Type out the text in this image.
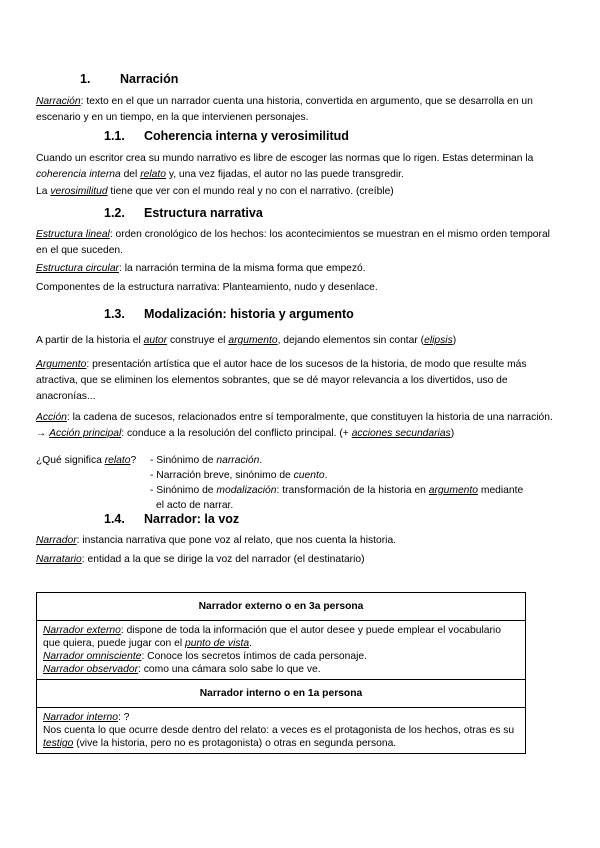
1. Narración
Narración: texto en el que un narrador cuenta una historia, convertida en argumento, que se desarrolla en un escenario y en un tiempo, en la que intervienen personajes.
1.1. Coherencia interna y verosimilitud
Cuando un escritor crea su mundo narrativo es libre de escoger las normas que lo rigen. Estas determinan la coherencia interna del relato y, una vez fijadas, el autor no las puede transgredir.
La verosimilitud tiene que ver con el mundo real y no con el narrativo. (creíble)
1.2. Estructura narrativa
Estructura lineal: orden cronológico de los hechos: los acontecimientos se muestran en el mismo orden temporal en el que suceden.
Estructura circular: la narración termina de la misma forma que empezó.
Componentes de la estructura narrativa: Planteamiento, nudo y desenlace.
1.3. Modalización: historia y argumento
A partir de la historia el autor construye el argumento, dejando elementos sin contar (elipsis)
Argumento: presentación artística que el autor hace de los sucesos de la historia, de modo que resulte más atractiva, que se eliminen los elementos sobrantes, que se dé mayor relevancia a los divertidos, uso de anacronías...
Acción: la cadena de sucesos, relacionados entre sí temporalmente, que constituyen la historia de una narración. → Acción principal: conduce a la resolución del conflicto principal. (+ acciones secundarias)
¿Qué significa relato? - Sinónimo de narración.
- Narración breve, sinónimo de cuento.
- Sinónimo de modalización: transformación de la historia en argumento mediante
el acto de narrar.
1.4. Narrador: la voz
Narrador: instancia narrativa que pone voz al relato, que nos cuenta la historia.
Narratario: entidad a la que se dirige la voz del narrador (el destinatario)
Narrador externo o en 3a persona

Narrador externo: dispone de toda la información que el autor desee y puede emplear el vocabulario que quiera, puede jugar con el punto de vista.
Narrador omnisciente: Conoce los secretos íntimos de cada personaje.
Narrador observador: como una cámara solo sabe lo que ve.

Narrador interno o en 1a persona

Narrador interno: ?
Nos cuenta lo que ocurre desde dentro del relato: a veces es el protagonista de los hechos, otras es su testigo (vive la historia, pero no es protagonista) o otras en segunda persona.
